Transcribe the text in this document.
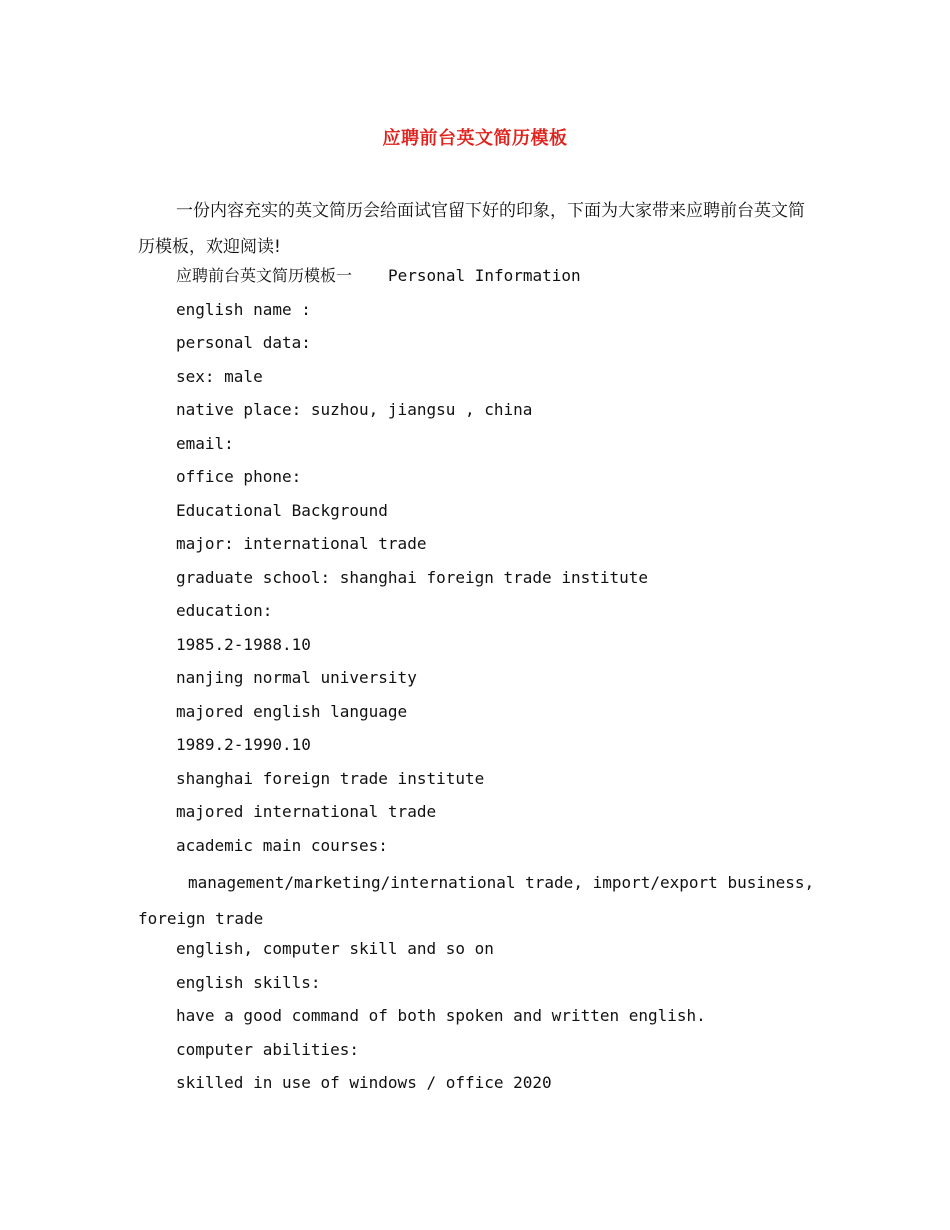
应聘前台英文简历模板
一份内容充实的英文简历会给面试官留下好的印象，下面为大家带来应聘前台英文简历模板，欢迎阅读!
应聘前台英文简历模板一 Personal Information
english name :
personal data:
sex: male
native place: suzhou, jiangsu , china
email:
office phone:
Educational Background
major: international trade
graduate school: shanghai foreign trade institute
education:
1985.2-1988.10
nanjing normal university
majored english language
1989.2-1990.10
shanghai foreign trade institute
majored international trade
academic main courses:
management/marketing/international trade, import/export business,
foreign trade
english, computer skill and so on
english skills:
have a good command of both spoken and written english.
computer abilities:
skilled in use of windows / office 2020
